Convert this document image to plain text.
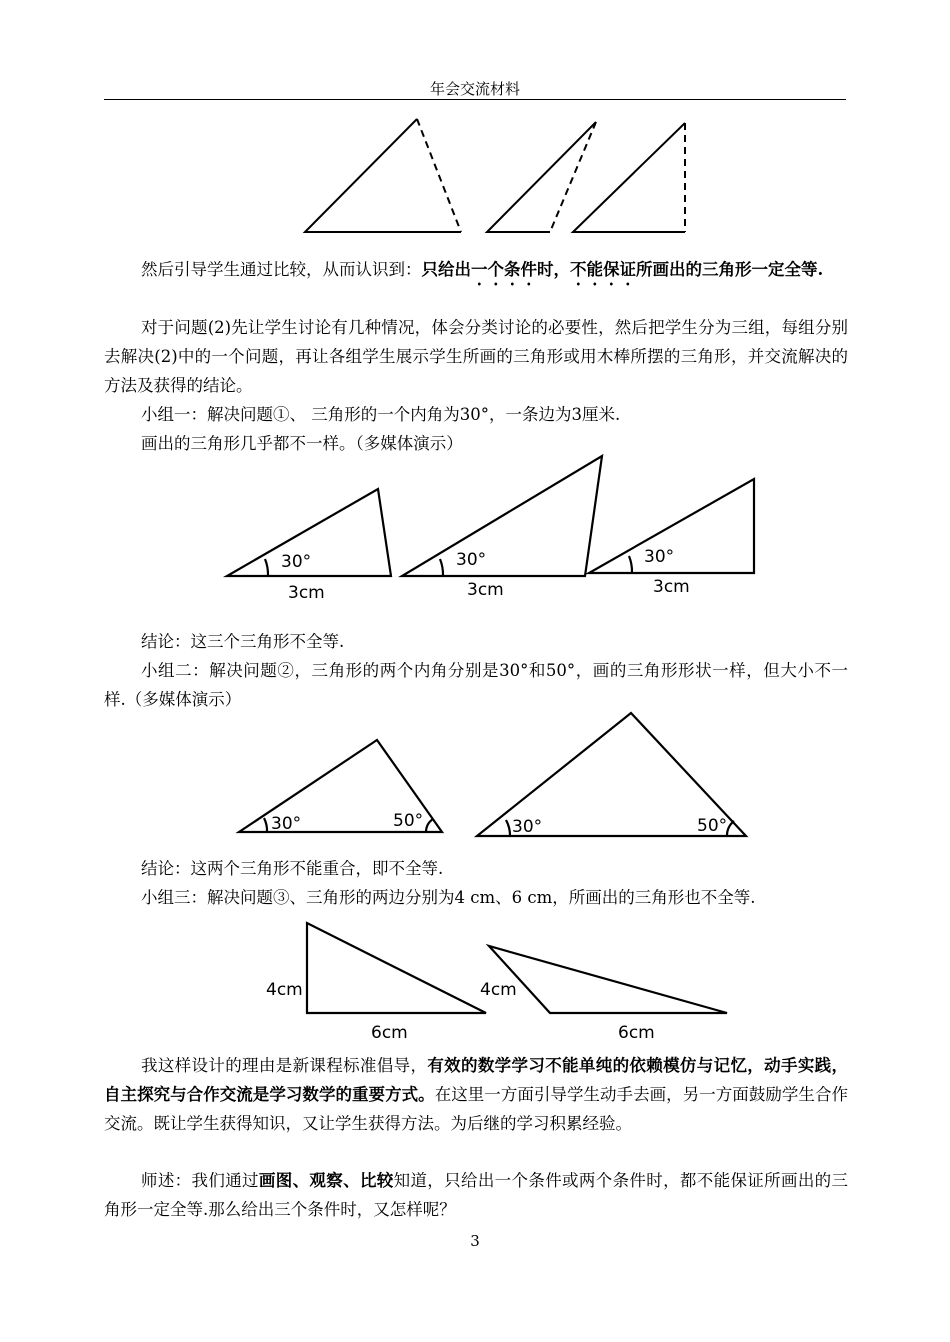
年会交流材料

然后引导学生通过比较，从而认识到：只给出一个条件时，不能保证所画出的三角形一定全等.

对于问题(2)先让学生讨论有几种情况，体会分类讨论的必要性，然后把学生分为三组，每组分别去解决(2)中的一个问题，再让各组学生展示学生所画的三角形或用木棒所摆的三角形，并交流解决的方法及获得的结论。

小组一：解决问题①、 三角形的一个内角为30°，一条边为3厘米.

画出的三角形几乎都不一样。（多媒体演示）

30°	30°	30°
3cm	3cm	3cm

结论：这三个三角形不全等.

小组二：解决问题②，三角形的两个内角分别是30°和50°，画的三角形形状一样，但大小不一样.（多媒体演示）

30°	50°	30°	50°

结论：这两个三角形不能重合，即不全等.

小组三：解决问题③、三角形的两边分别为4 cm、6 cm，所画出的三角形也不全等.

4cm
6cm
4cm
6cm

我这样设计的理由是新课程标准倡导，有效的数学学习不能单纯的依赖模仿与记忆，动手实践，自主探究与合作交流是学习数学的重要方式。在这里一方面引导学生动手去画，另一方面鼓励学生合作交流。既让学生获得知识，又让学生获得方法。为后继的学习积累经验。

师述：我们通过画图、观察、比较知道，只给出一个条件或两个条件时，都不能保证所画出的三角形一定全等.那么给出三个条件时，又怎样呢？

3
